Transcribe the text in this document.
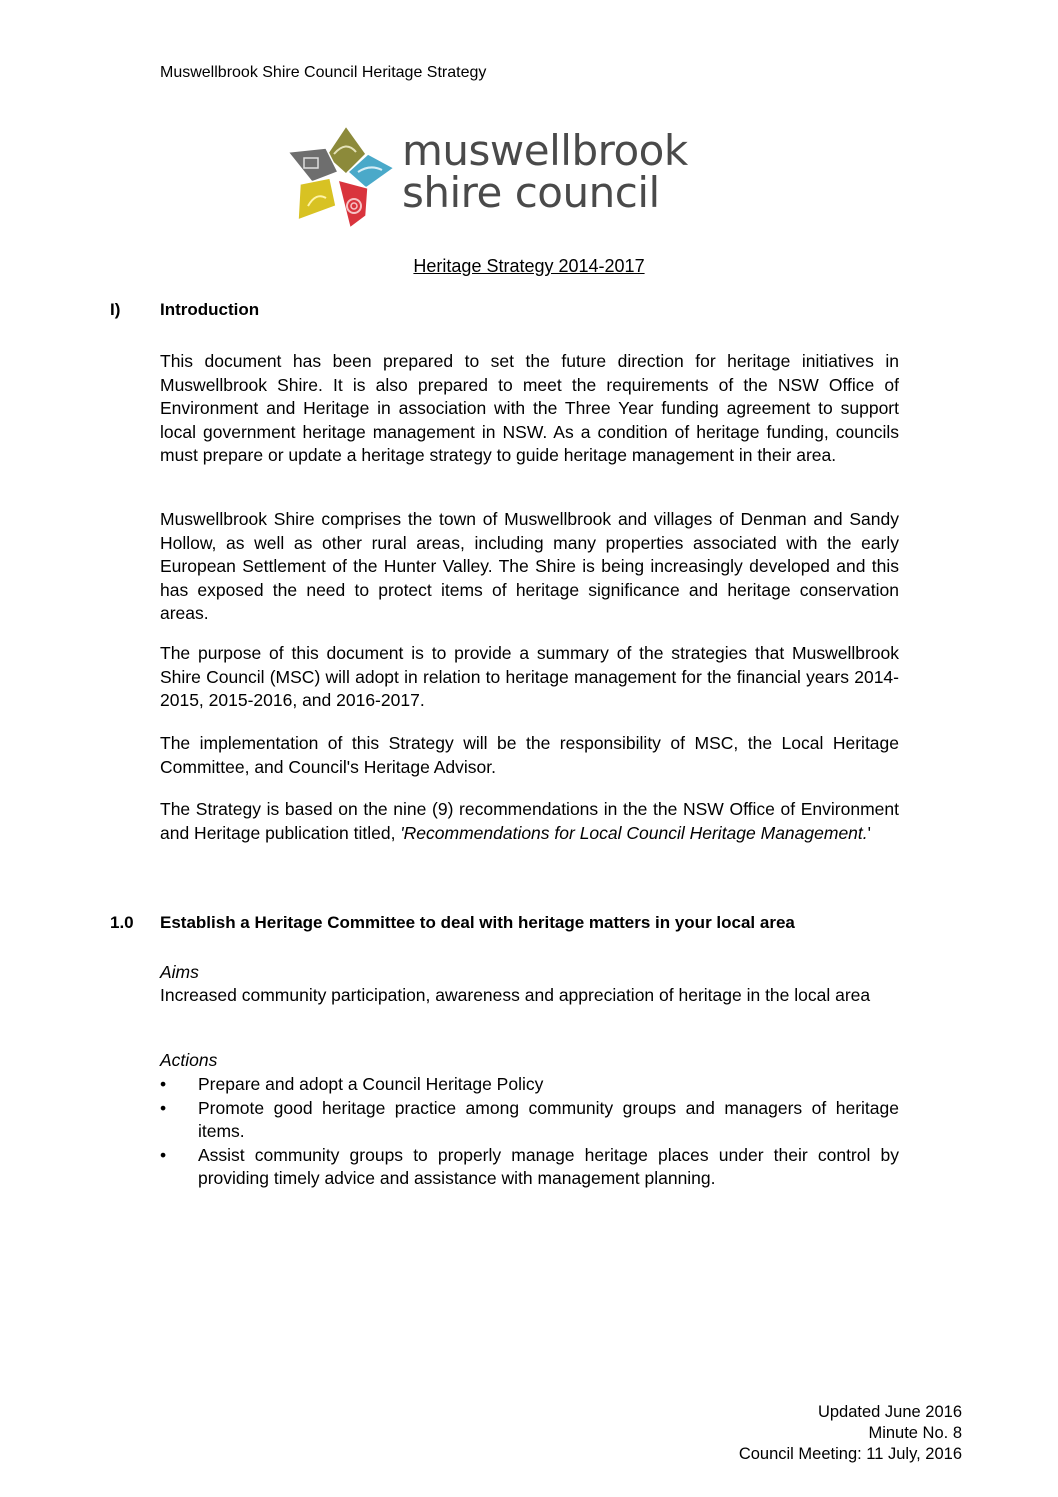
Muswellbrook Shire Council Heritage Strategy
muswellbrook
shire council
Heritage Strategy 2014-2017
I) Introduction

This document has been prepared to set the future direction for heritage initiatives in Muswellbrook Shire. It is also prepared to meet the requirements of the NSW Office of Environment and Heritage in association with the Three Year funding agreement to support local government heritage management in NSW. As a condition of heritage funding, councils must prepare or update a heritage strategy to guide heritage management in their area.

Muswellbrook Shire comprises the town of Muswellbrook and villages of Denman and Sandy Hollow, as well as other rural areas, including many properties associated with the early European Settlement of the Hunter Valley. The Shire is being increasingly developed and this has exposed the need to protect items of heritage significance and heritage conservation areas.

The purpose of this document is to provide a summary of the strategies that Muswellbrook Shire Council (MSC) will adopt in relation to heritage management for the financial years 2014-2015, 2015-2016, and 2016-2017.

The implementation of this Strategy will be the responsibility of MSC, the Local Heritage Committee, and Council's Heritage Advisor.

The Strategy is based on the nine (9) recommendations in the the NSW Office of Environment and Heritage publication titled, 'Recommendations for Local Council Heritage Management.'

1.0 Establish a Heritage Committee to deal with heritage matters in your local area
Aims

Increased community participation, awareness and appreciation of heritage in the local area

Actions
• Prepare and adopt a Council Heritage Policy
• Promote good heritage practice among community groups and managers of heritage items.
• Assist community groups to properly manage heritage places under their control by providing timely advice and assistance with management planning.
Updated June 2016
Minute No. 8
Council Meeting: 11 July, 2016
